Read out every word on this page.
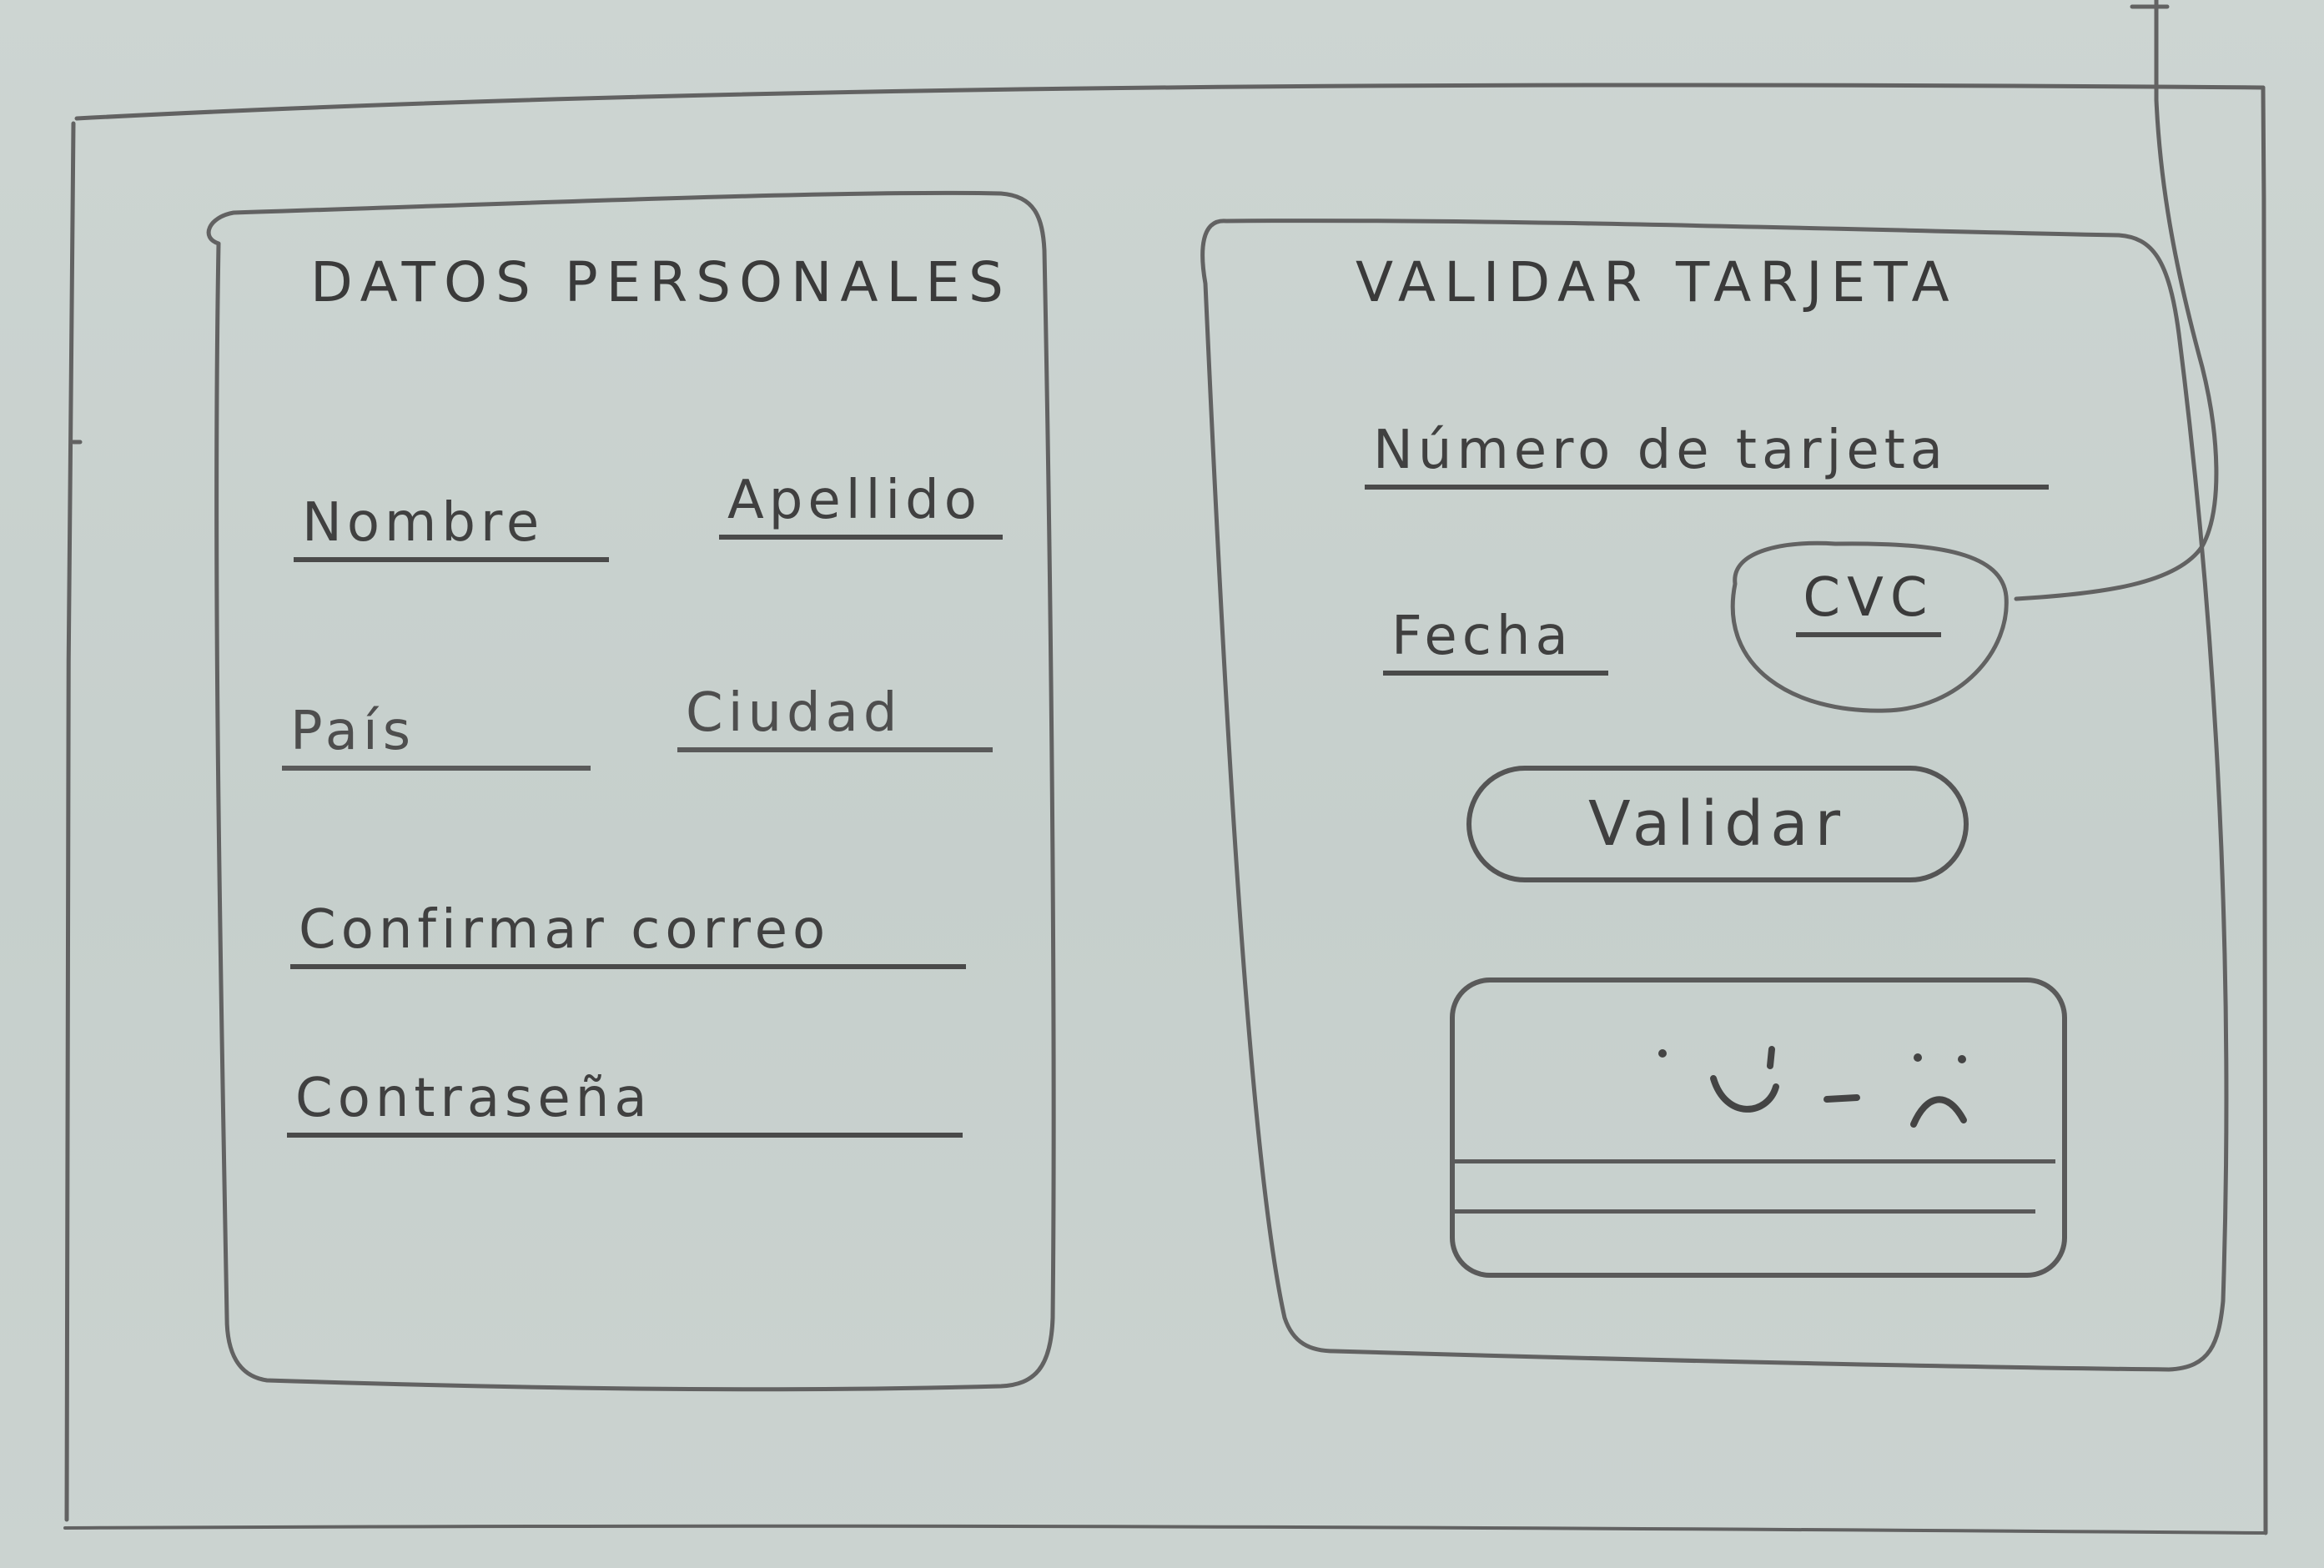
DATOS PERSONALES
Nombre	Apellido
País	Ciudad
Confirmar correo
Contraseña
VALIDAR TARJETA
Número de tarjeta
Fecha
CVC
Validar
